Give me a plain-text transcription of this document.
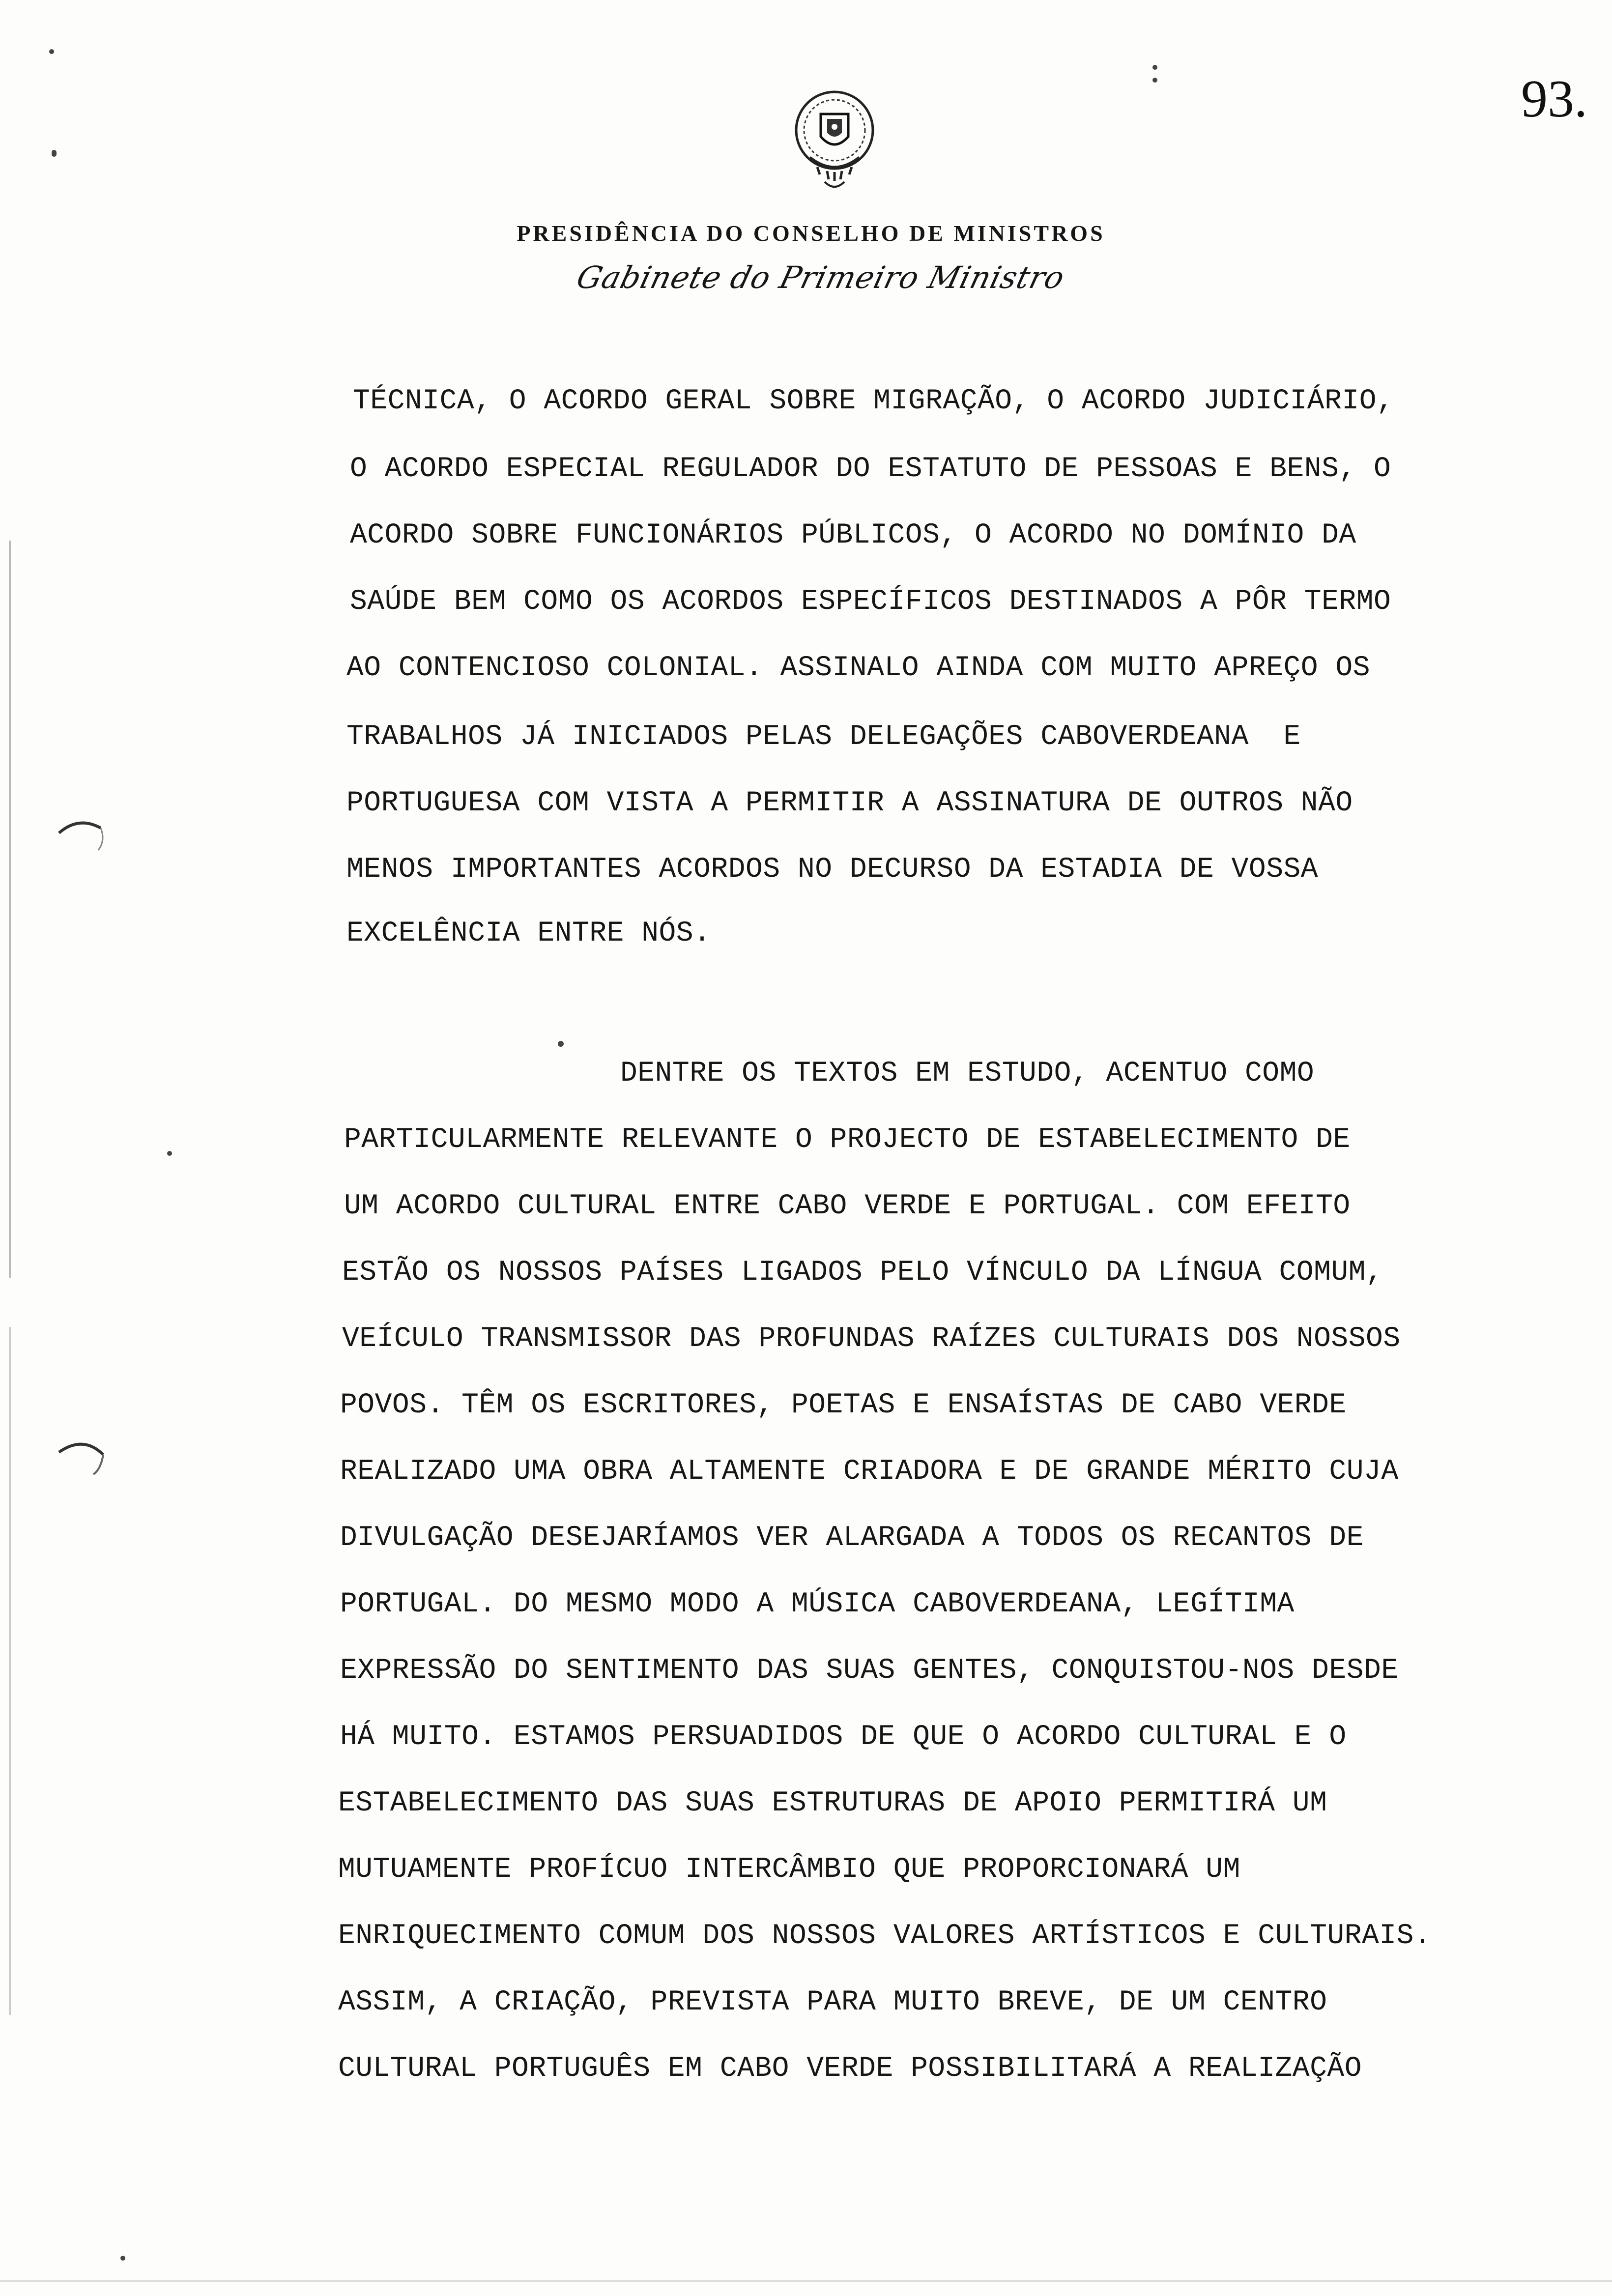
93.
PRESIDÊNCIA DO CONSELHO DE MINISTROS
Gabinete do Primeiro Ministro
TÉCNICA, O ACORDO GERAL SOBRE MIGRAÇÃO, O ACORDO JUDICIÁRIO,
O ACORDO ESPECIAL REGULADOR DO ESTATUTO DE PESSOAS E BENS, O
ACORDO SOBRE FUNCIONÁRIOS PÚBLICOS, O ACORDO NO DOMÍNIO DA
SAÚDE BEM COMO OS ACORDOS ESPECÍFICOS DESTINADOS A PÔR TERMO
AO CONTENCIOSO COLONIAL. ASSINALO AINDA COM MUITO APREÇO OS
TRABALHOS JÁ INICIADOS PELAS DELEGAÇÕES CABOVERDEANA  E
PORTUGUESA COM VISTA A PERMITIR A ASSINATURA DE OUTROS NÃO
MENOS IMPORTANTES ACORDOS NO DECURSO DA ESTADIA DE VOSSA
EXCELÊNCIA ENTRE NÓS.
DENTRE OS TEXTOS EM ESTUDO, ACENTUO COMO
PARTICULARMENTE RELEVANTE O PROJECTO DE ESTABELECIMENTO DE
UM ACORDO CULTURAL ENTRE CABO VERDE E PORTUGAL. COM EFEITO
ESTÃO OS NOSSOS PAÍSES LIGADOS PELO VÍNCULO DA LÍNGUA COMUM,
VEÍCULO TRANSMISSOR DAS PROFUNDAS RAÍZES CULTURAIS DOS NOSSOS
POVOS. TÊM OS ESCRITORES, POETAS E ENSAÍSTAS DE CABO VERDE
REALIZADO UMA OBRA ALTAMENTE CRIADORA E DE GRANDE MÉRITO CUJA
DIVULGAÇÃO DESEJARÍAMOS VER ALARGADA A TODOS OS RECANTOS DE
PORTUGAL. DO MESMO MODO A MÚSICA CABOVERDEANA, LEGÍTIMA
EXPRESSÃO DO SENTIMENTO DAS SUAS GENTES, CONQUISTOU-NOS DESDE
HÁ MUITO. ESTAMOS PERSUADIDOS DE QUE O ACORDO CULTURAL E O
ESTABELECIMENTO DAS SUAS ESTRUTURAS DE APOIO PERMITIRÁ UM
MUTUAMENTE PROFÍCUO INTERCÂMBIO QUE PROPORCIONARÁ UM
ENRIQUECIMENTO COMUM DOS NOSSOS VALORES ARTÍSTICOS E CULTURAIS.
ASSIM, A CRIAÇÃO, PREVISTA PARA MUITO BREVE, DE UM CENTRO
CULTURAL PORTUGUÊS EM CABO VERDE POSSIBILITARÁ A REALIZAÇÃO
